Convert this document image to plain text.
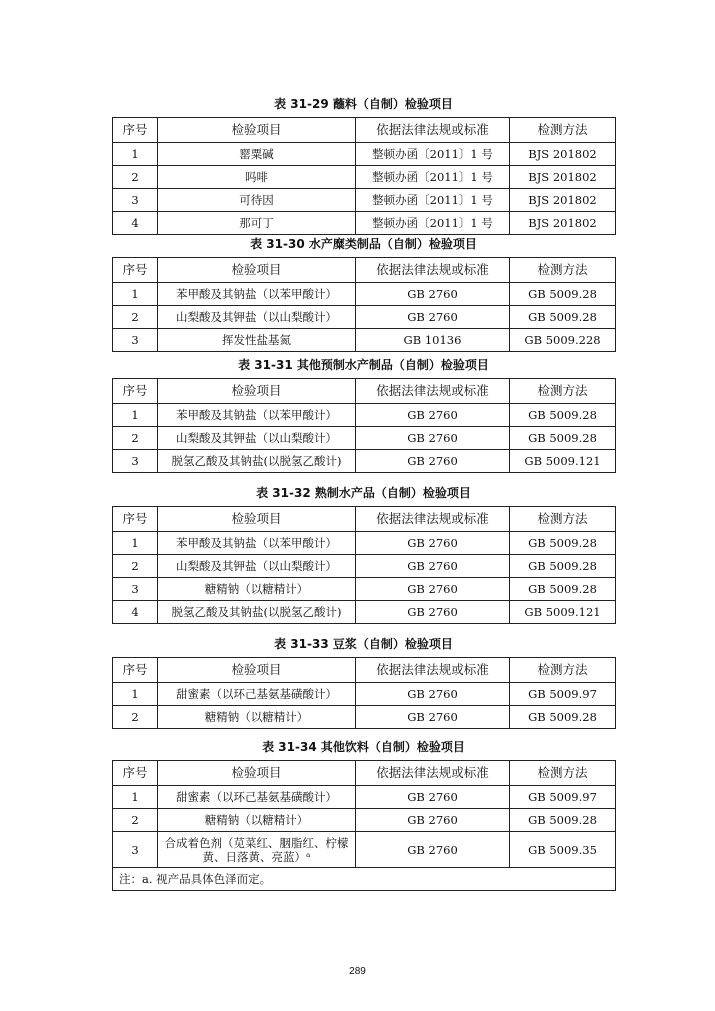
表 31-29 蘸料（自制）检验项目
序号	检验项目	依据法律法规或标准	检测方法
1	罂粟碱	整顿办函〔2011〕1 号	BJS 201802
2	吗啡	整顿办函〔2011〕1 号	BJS 201802
3	可待因	整顿办函〔2011〕1 号	BJS 201802
4	那可丁	整顿办函〔2011〕1 号	BJS 201802
表 31-30 水产糜类制品（自制）检验项目
序号	检验项目	依据法律法规或标准	检测方法
1	苯甲酸及其钠盐（以苯甲酸计）	GB 2760	GB 5009.28
2	山梨酸及其钾盐（以山梨酸计）	GB 2760	GB 5009.28
3	挥发性盐基氮	GB 10136	GB 5009.228
表 31-31 其他预制水产制品（自制）检验项目
序号	检验项目	依据法律法规或标准	检测方法
1	苯甲酸及其钠盐（以苯甲酸计）	GB 2760	GB 5009.28
2	山梨酸及其钾盐（以山梨酸计）	GB 2760	GB 5009.28
3	脱氢乙酸及其钠盐(以脱氢乙酸计)	GB 2760	GB 5009.121
表 31-32 熟制水产品（自制）检验项目
序号	检验项目	依据法律法规或标准	检测方法
1	苯甲酸及其钠盐（以苯甲酸计）	GB 2760	GB 5009.28
2	山梨酸及其钾盐（以山梨酸计）	GB 2760	GB 5009.28
3	糖精钠（以糖精计）	GB 2760	GB 5009.28
4	脱氢乙酸及其钠盐(以脱氢乙酸计)	GB 2760	GB 5009.121
表 31-33 豆浆（自制）检验项目
序号	检验项目	依据法律法规或标准	检测方法
1	甜蜜素（以环己基氨基磺酸计）	GB 2760	GB 5009.97
2	糖精钠（以糖精计）	GB 2760	GB 5009.28
表 31-34 其他饮料（自制）检验项目
序号	检验项目	依据法律法规或标准	检测方法
1	甜蜜素（以环己基氨基磺酸计）	GB 2760	GB 5009.97
2	糖精钠（以糖精计）	GB 2760	GB 5009.28
3	合成着色剂（苋菜红、胭脂红、柠檬黄、日落黄、亮蓝）ᵃ	GB 2760	GB 5009.35
注：a. 视产品具体色泽而定。			
289
